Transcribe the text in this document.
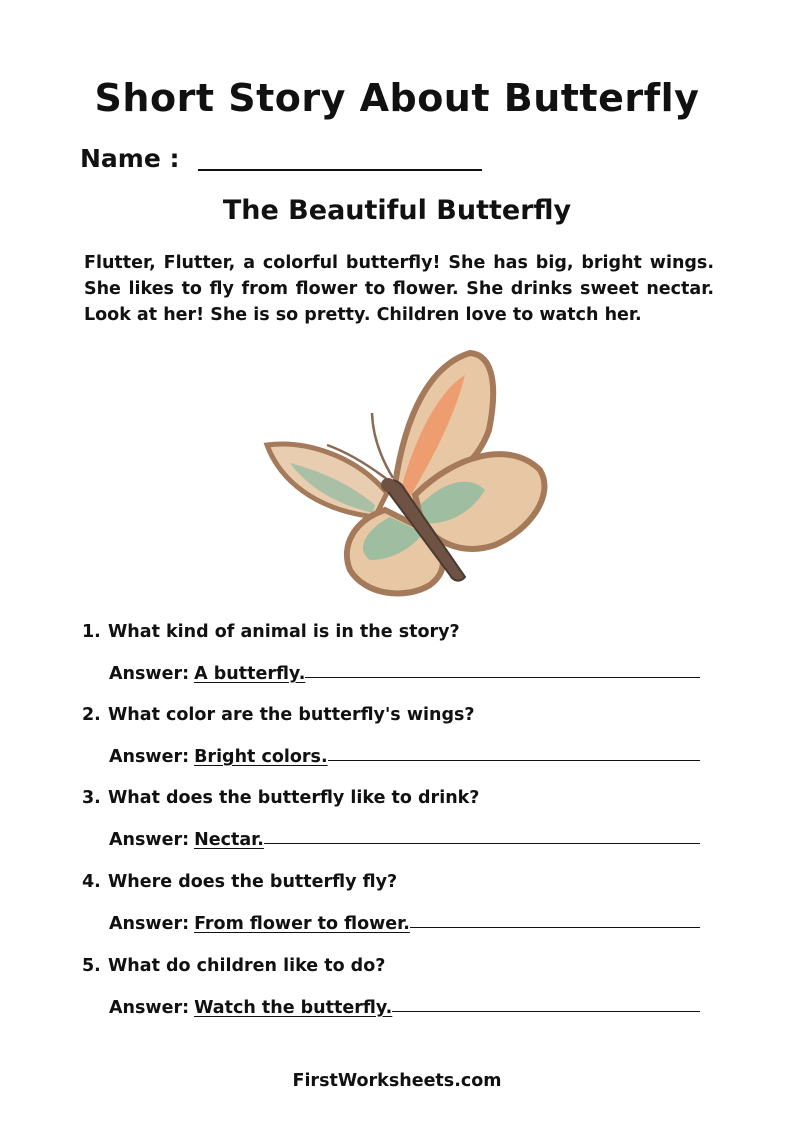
Short Story About Butterfly
Name :
The Beautiful Butterfly
Flutter, Flutter, a colorful butterfly! She has big, bright wings. She likes to fly from flower to flower. She drinks sweet nectar. Look at her! She is so pretty. Children love to watch her.
1. What kind of animal is in the story?
Answer: A butterfly.
2. What color are the butterfly's wings?
Answer: Bright colors.
3. What does the butterfly like to drink?
Answer: Nectar.
4. Where does the butterfly fly?
Answer: From flower to flower.
5. What do children like to do?
Answer: Watch the butterfly.
FirstWorksheets.com
